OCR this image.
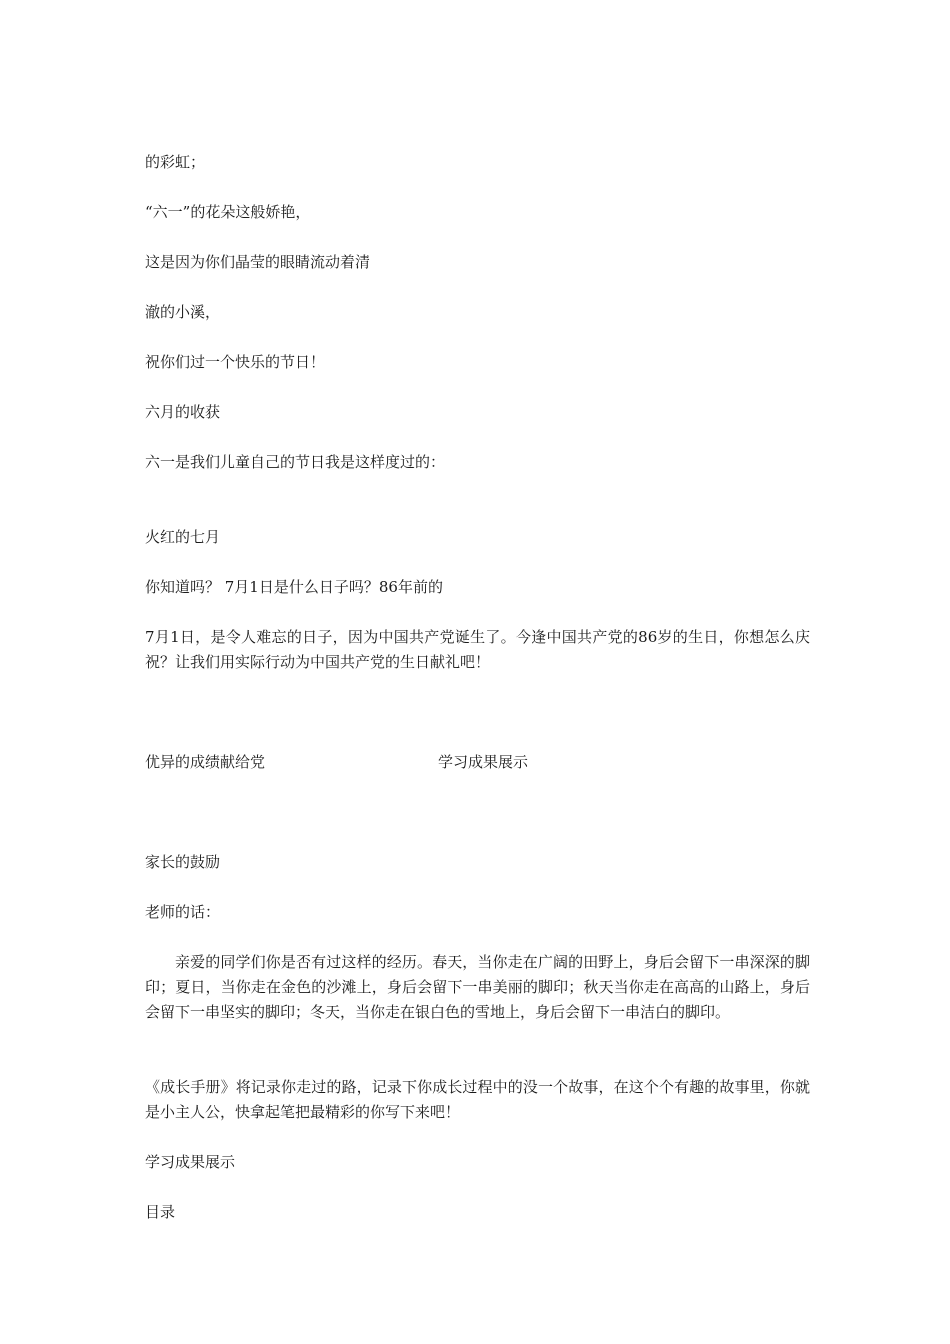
的彩虹；
“六一”的花朵这般娇艳，
这是因为你们晶莹的眼睛流动着清
澈的小溪，
祝你们过一个快乐的节日！
六月的收获
六一是我们儿童自己的节日我是这样度过的：
火红的七月
你知道吗？ 7月1日是什么日子吗？86年前的
7月1日，是令人难忘的日子，因为中国共产党诞生了。今逢中国共产党的86岁的生日，你想怎么庆祝？让我们用实际行动为中国共产党的生日献礼吧！
优异的成绩献给党	学习成果展示
家长的鼓励
老师的话：
亲爱的同学们你是否有过这样的经历。春天，当你走在广阔的田野上，身后会留下一串深深的脚印；夏日，当你走在金色的沙滩上，身后会留下一串美丽的脚印；秋天当你走在高高的山路上，身后会留下一串坚实的脚印；冬天，当你走在银白色的雪地上，身后会留下一串洁白的脚印。
《成长手册》将记录你走过的路，记录下你成长过程中的没一个故事，在这个个有趣的故事里，你就是小主人公，快拿起笔把最精彩的你写下来吧！
学习成果展示
目录
